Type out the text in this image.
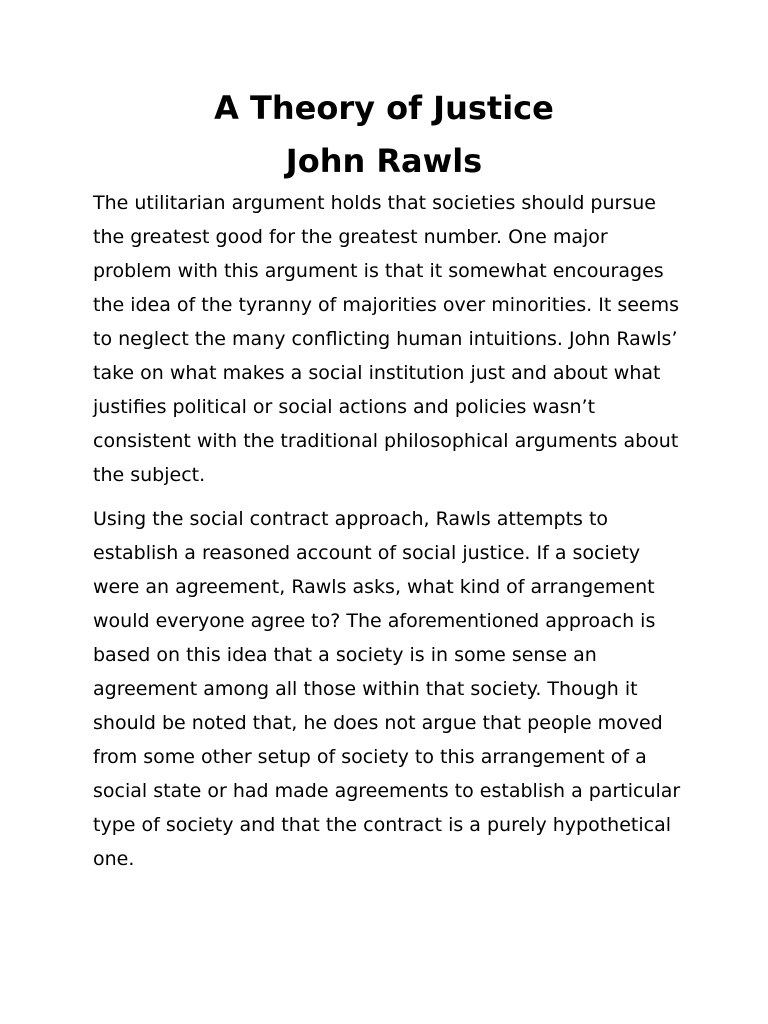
A Theory of Justice
John Rawls

The utilitarian argument holds that societies should pursue the greatest good for the greatest number. One major problem with this argument is that it somewhat encourages the idea of the tyranny of majorities over minorities. It seems to neglect the many conflicting human intuitions. John Rawls’ take on what makes a social institution just and about what justifies political or social actions and policies wasn’t consistent with the traditional philosophical arguments about the subject.

Using the social contract approach, Rawls attempts to establish a reasoned account of social justice. If a society were an agreement, Rawls asks, what kind of arrangement would everyone agree to? The aforementioned approach is based on this idea that a society is in some sense an agreement among all those within that society. Though it should be noted that, he does not argue that people moved from some other setup of society to this arrangement of a social state or had made agreements to establish a particular type of society and that the contract is a purely hypothetical one.
